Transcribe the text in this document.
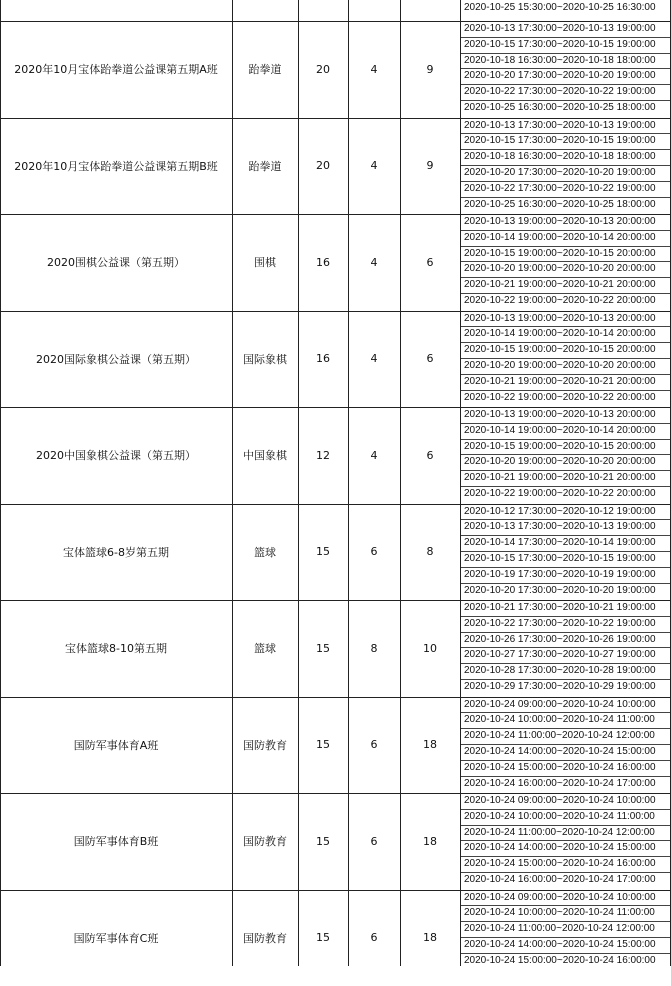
2020-10-25 15:30:00~2020-10-25 16:30:00
2020年10月宝体跆拳道公益课第五期A班	跆拳道	20	4	9
2020-10-13 17:30:00~2020-10-13 19:00:00
2020-10-15 17:30:00~2020-10-15 19:00:00
2020-10-18 16:30:00~2020-10-18 18:00:00
2020-10-20 17:30:00~2020-10-20 19:00:00
2020-10-22 17:30:00~2020-10-22 19:00:00
2020-10-25 16:30:00~2020-10-25 18:00:00
2020年10月宝体跆拳道公益课第五期B班	跆拳道	20	4	9
2020-10-13 17:30:00~2020-10-13 19:00:00
2020-10-15 17:30:00~2020-10-15 19:00:00
2020-10-18 16:30:00~2020-10-18 18:00:00
2020-10-20 17:30:00~2020-10-20 19:00:00
2020-10-22 17:30:00~2020-10-22 19:00:00
2020-10-25 16:30:00~2020-10-25 18:00:00
2020围棋公益课（第五期）	围棋	16	4	6
2020-10-13 19:00:00~2020-10-13 20:00:00
2020-10-14 19:00:00~2020-10-14 20:00:00
2020-10-15 19:00:00~2020-10-15 20:00:00
2020-10-20 19:00:00~2020-10-20 20:00:00
2020-10-21 19:00:00~2020-10-21 20:00:00
2020-10-22 19:00:00~2020-10-22 20:00:00
2020国际象棋公益课（第五期）	国际象棋	16	4	6
2020-10-13 19:00:00~2020-10-13 20:00:00
2020-10-14 19:00:00~2020-10-14 20:00:00
2020-10-15 19:00:00~2020-10-15 20:00:00
2020-10-20 19:00:00~2020-10-20 20:00:00
2020-10-21 19:00:00~2020-10-21 20:00:00
2020-10-22 19:00:00~2020-10-22 20:00:00
2020中国象棋公益课（第五期）	中国象棋	12	4	6
2020-10-13 19:00:00~2020-10-13 20:00:00
2020-10-14 19:00:00~2020-10-14 20:00:00
2020-10-15 19:00:00~2020-10-15 20:00:00
2020-10-20 19:00:00~2020-10-20 20:00:00
2020-10-21 19:00:00~2020-10-21 20:00:00
2020-10-22 19:00:00~2020-10-22 20:00:00
宝体篮球6-8岁第五期	篮球	15	6	8
2020-10-12 17:30:00~2020-10-12 19:00:00
2020-10-13 17:30:00~2020-10-13 19:00:00
2020-10-14 17:30:00~2020-10-14 19:00:00
2020-10-15 17:30:00~2020-10-15 19:00:00
2020-10-19 17:30:00~2020-10-19 19:00:00
2020-10-20 17:30:00~2020-10-20 19:00:00
宝体篮球8-10第五期	篮球	15	8	10
2020-10-21 17:30:00~2020-10-21 19:00:00
2020-10-22 17:30:00~2020-10-22 19:00:00
2020-10-26 17:30:00~2020-10-26 19:00:00
2020-10-27 17:30:00~2020-10-27 19:00:00
2020-10-28 17:30:00~2020-10-28 19:00:00
2020-10-29 17:30:00~2020-10-29 19:00:00
国防军事体育A班	国防教育	15	6	18
2020-10-24 09:00:00~2020-10-24 10:00:00
2020-10-24 10:00:00~2020-10-24 11:00:00
2020-10-24 11:00:00~2020-10-24 12:00:00
2020-10-24 14:00:00~2020-10-24 15:00:00
2020-10-24 15:00:00~2020-10-24 16:00:00
2020-10-24 16:00:00~2020-10-24 17:00:00
国防军事体育B班	国防教育	15	6	18
2020-10-24 09:00:00~2020-10-24 10:00:00
2020-10-24 10:00:00~2020-10-24 11:00:00
2020-10-24 11:00:00~2020-10-24 12:00:00
2020-10-24 14:00:00~2020-10-24 15:00:00
2020-10-24 15:00:00~2020-10-24 16:00:00
2020-10-24 16:00:00~2020-10-24 17:00:00
国防军事体育C班	国防教育	15	6	18
2020-10-24 09:00:00~2020-10-24 10:00:00
2020-10-24 10:00:00~2020-10-24 11:00:00
2020-10-24 11:00:00~2020-10-24 12:00:00
2020-10-24 14:00:00~2020-10-24 15:00:00
2020-10-24 15:00:00~2020-10-24 16:00:00
